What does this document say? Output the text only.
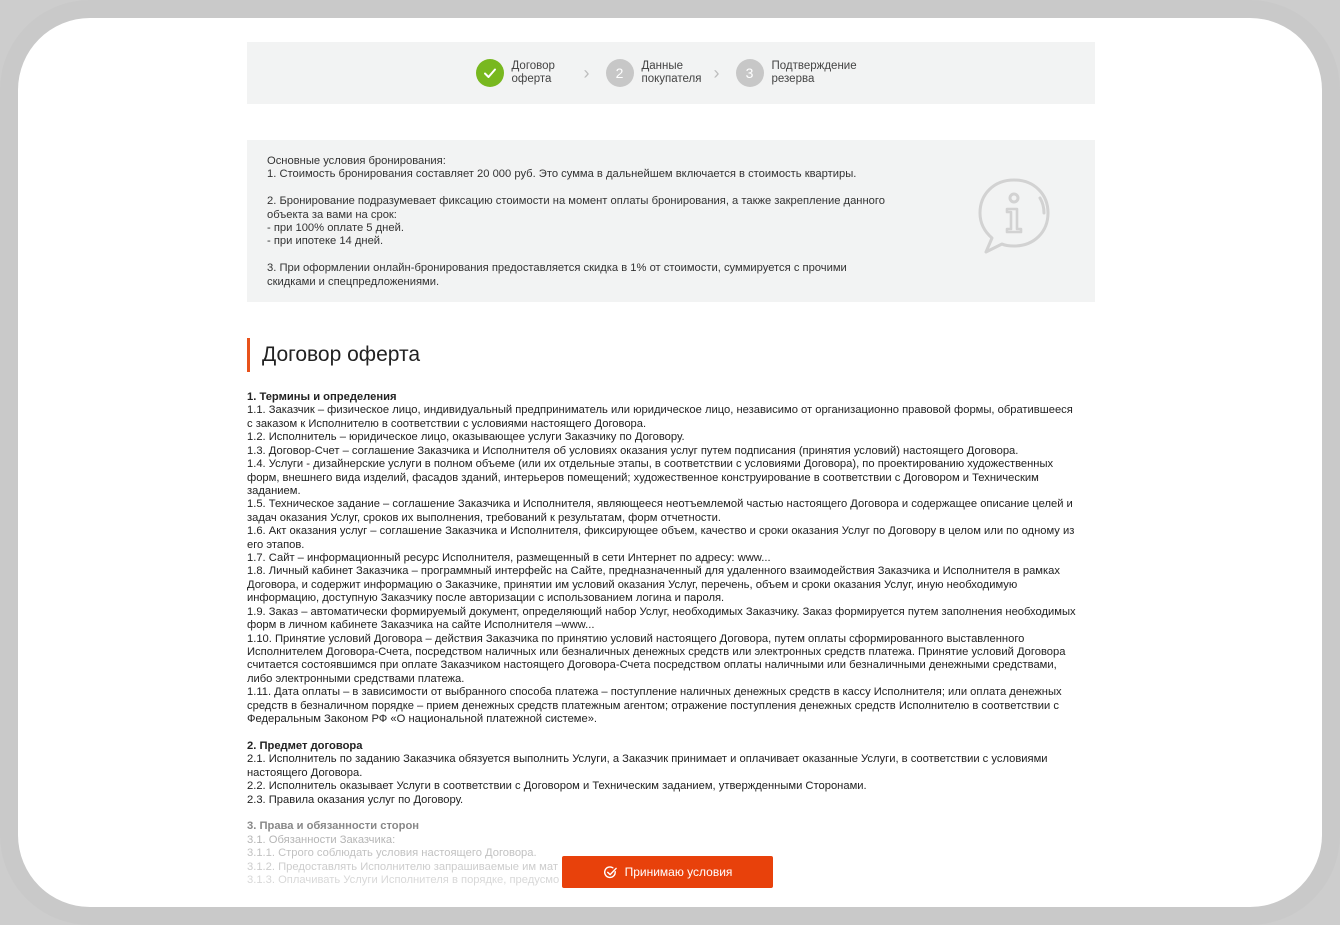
Договор
оферта	›	2	Данные
покупателя ›	3	Подтверждение
резерва
Основные условия бронирования:
1. Стоимость бронирования составляет 20 000 руб. Это сумма в дальнейшем включается в стоимость квартиры.
2. Бронирование подразумевает фиксацию стоимости на момент оплаты бронирования, а также закрепление данного
объекта за вами на срок:
- при 100% оплате 5 дней.
- при ипотеке 14 дней.
3. При оформлении онлайн-бронирования предоставляется скидка в 1% от стоимости, суммируется с прочими
скидками и спецпредложениями.
Договор оферта
1. Термины и определения
1.1. Заказчик – физическое лицо, индивидуальный предприниматель или юридическое лицо, независимо от организационно правовой формы, обратившееся
с заказом к Исполнителю в соответствии с условиями настоящего Договора.
1.2. Исполнитель – юридическое лицо, оказывающее услуги Заказчику по Договору.
1.3. Договор-Счет – соглашение Заказчика и Исполнителя об условиях оказания услуг путем подписания (принятия условий) настоящего Договора.
1.4. Услуги - дизайнерские услуги в полном объеме (или их отдельные этапы, в соответствии с условиями Договора), по проектированию художественных
форм, внешнего вида изделий, фасадов зданий, интерьеров помещений; художественное конструирование в соответствии с Договором и Техническим
заданием.
1.5. Техническое задание – соглашение Заказчика и Исполнителя, являющееся неотъемлемой частью настоящего Договора и содержащее описание целей и
задач оказания Услуг, сроков их выполнения, требований к результатам, форм отчетности.
1.6. Акт оказания услуг – соглашение Заказчика и Исполнителя, фиксирующее объем, качество и сроки оказания Услуг по Договору в целом или по одному из
его этапов.
1.7. Сайт – информационный ресурс Исполнителя, размещенный в сети Интернет по адресу: www...
1.8. Личный кабинет Заказчика – программный интерфейс на Сайте, предназначенный для удаленного взаимодействия Заказчика и Исполнителя в рамках
Договора, и содержит информацию о Заказчике, принятии им условий оказания Услуг, перечень, объем и сроки оказания Услуг, иную необходимую
информацию, доступную Заказчику после авторизации с использованием логина и пароля.
1.9. Заказ – автоматически формируемый документ, определяющий набор Услуг, необходимых Заказчику. Заказ формируется путем заполнения необходимых
форм в личном кабинете Заказчика на сайте Исполнителя –www...
1.10. Принятие условий Договора – действия Заказчика по принятию условий настоящего Договора, путем оплаты сформированного выставленного
Исполнителем Договора-Счета, посредством наличных или безналичных денежных средств или электронных средств платежа. Принятие условий Договора
считается состоявшимся при оплате Заказчиком настоящего Договора-Счета посредством оплаты наличными или безналичными денежными средствами,
либо электронными средствами платежа.
1.11. Дата оплаты – в зависимости от выбранного способа платежа – поступление наличных денежных средств в кассу Исполнителя; или оплата денежных
средств в безналичном порядке – прием денежных средств платежным агентом; отражение поступления денежных средств Исполнителю в соответствии с
Федеральным Законом РФ «О национальной платежной системе».
2. Предмет договора
2.1. Исполнитель по заданию Заказчика обязуется выполнить Услуги, а Заказчик принимает и оплачивает оказанные Услуги, в соответствии с условиями
настоящего Договора.
2.2. Исполнитель оказывает Услуги в соответствии с Договором и Техническим заданием, утвержденными Сторонами.
2.3. Правила оказания услуг по Договору.
3. Права и обязанности сторон
3.1. Обязанности Заказчика:
3.1.1. Строго соблюдать условия настоящего Договора.
3.1.2. Предоставлять Исполнителю запрашиваемые им мат
3.1.3. Оплачивать Услуги Исполнителя в порядке, предусмо
Принимаю условия
